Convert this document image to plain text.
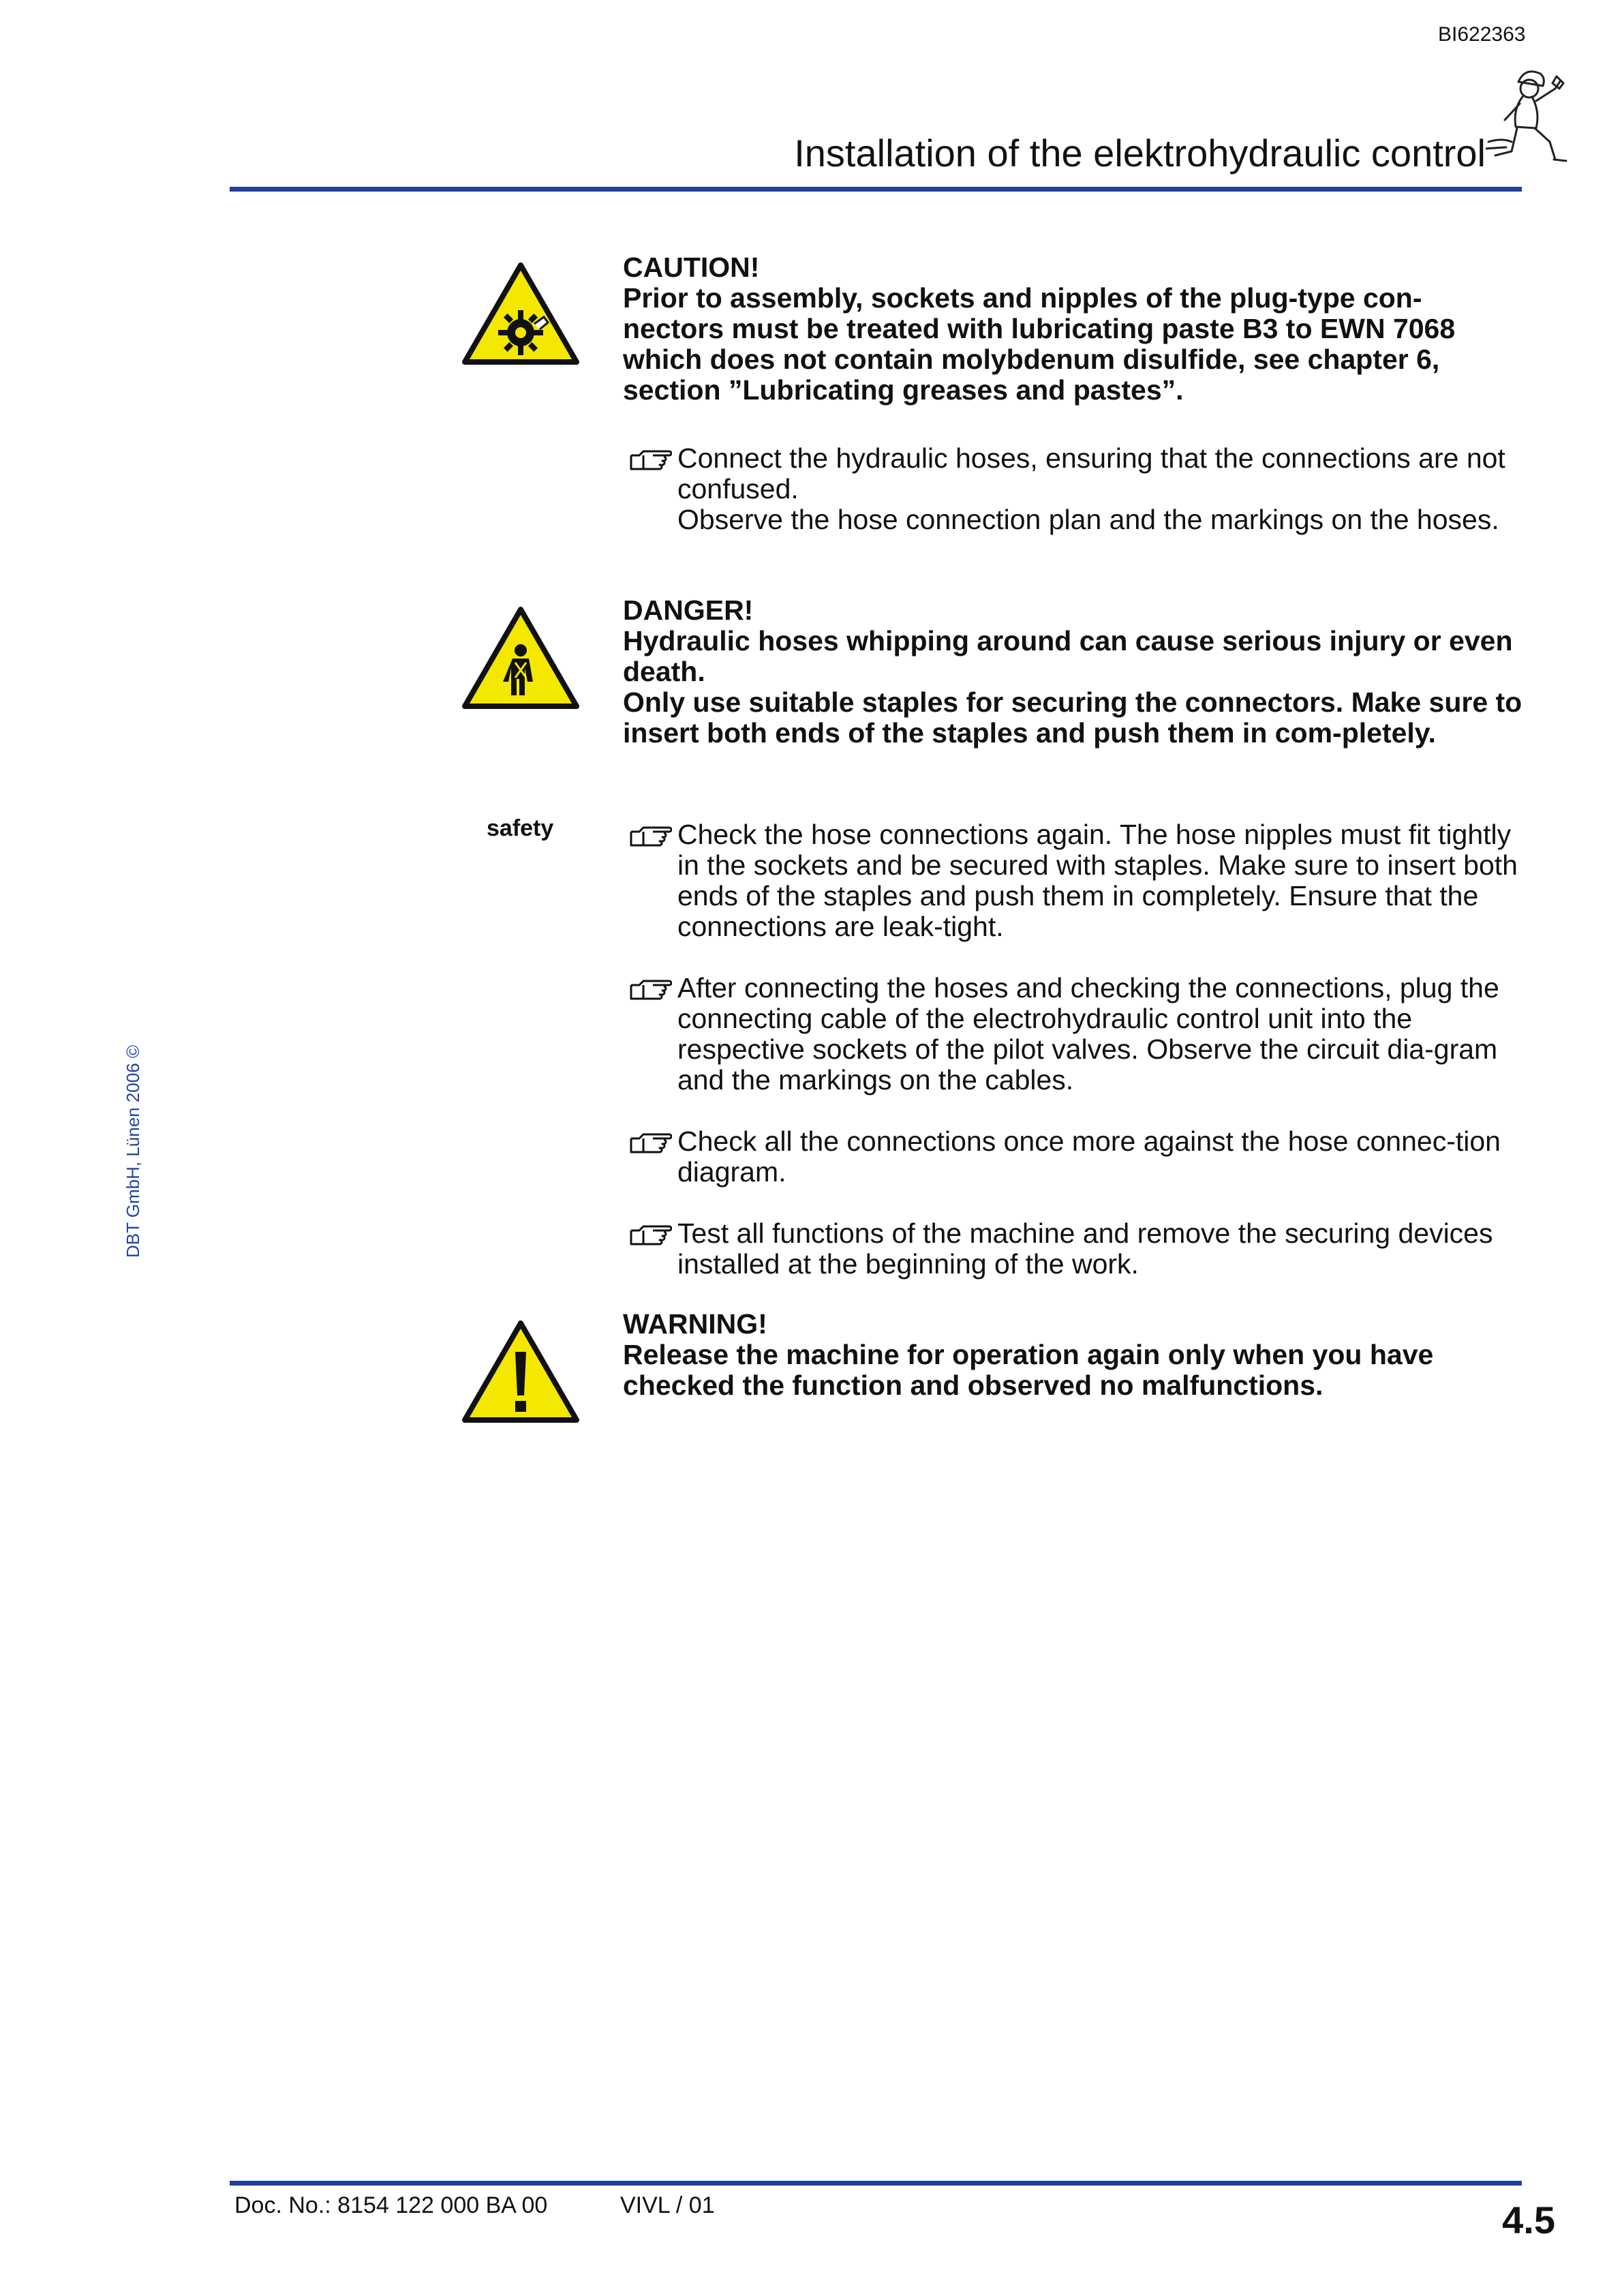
BI622363
Installation of the elektrohydraulic control
DBT GmbH, Lünen 2006 ©
CAUTION!
Prior to assembly, sockets and nipples of the plug-type con-nectors must be treated with lubricating paste B3 to EWN 7068 which does not contain molybdenum disulfide, see chapter 6, section ”Lubricating greases and pastes”.
Connect the hydraulic hoses, ensuring that the connections are not confused.
Observe the hose connection plan and the markings on the hoses.
DANGER!
Hydraulic hoses whipping around can cause serious injury or even death.
Only use suitable staples for securing the connectors. Make sure to insert both ends of the staples and push them in com-pletely.
safety	Check the hose connections again. The hose nipples must fit tightly in the sockets and be secured with staples. Make sure to insert both ends of the staples and push them in completely. Ensure that the connections are leak-tight.
After connecting the hoses and checking the connections, plug the connecting cable of the electrohydraulic control unit into the respective sockets of the pilot valves. Observe the circuit dia-gram and the markings on the cables.
Check all the connections once more against the hose connec-tion diagram.
Test all functions of the machine and remove the securing devices installed at the beginning of the work.
WARNING!
Release the machine for operation again only when you have checked the function and observed no malfunctions.
Doc. No.: 8154 122 000 BA 00	VIVL / 01	4.5
